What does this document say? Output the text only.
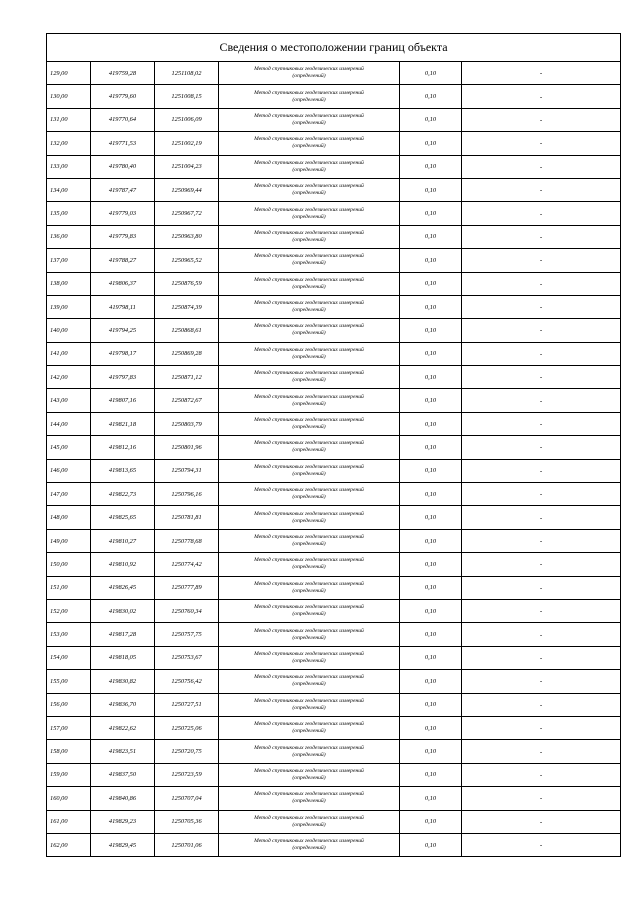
Сведения о местоположении границ объекта					
129,00	419759,28	1251108,02	Метод спутниковых геодезических измерений
(определений)	0,10	-
130,00	419779,60	1251008,15	Метод спутниковых геодезических измерений
(определений)	0,10	-
131,00	419770,64	1251006,09	Метод спутниковых геодезических измерений
(определений)	0,10	-
132,00	419771,53	1251002,19	Метод спутниковых геодезических измерений
(определений)	0,10	-
133,00	419780,40	1251004,23	Метод спутниковых геодезических измерений
(определений)	0,10	-
134,00	419787,47	1250969,44	Метод спутниковых геодезических измерений
(определений)	0,10	-
135,00	419779,03	1250967,72	Метод спутниковых геодезических измерений
(определений)	0,10	-
136,00	419779,83	1250963,80	Метод спутниковых геодезических измерений
(определений)	0,10	-
137,00	419788,27	1250965,52	Метод спутниковых геодезических измерений
(определений)	0,10	-
138,00	419806,37	1250876,59	Метод спутниковых геодезических измерений
(определений)	0,10	-
139,00	419798,11	1250874,39	Метод спутниковых геодезических измерений
(определений)	0,10	-
140,00	419794,25	1250868,61	Метод спутниковых геодезических измерений
(определений)	0,10	-
141,00	419798,17	1250869,28	Метод спутниковых геодезических измерений
(определений)	0,10	-
142,00	419797,83	1250871,12	Метод спутниковых геодезических измерений
(определений)	0,10	-
143,00	419807,16	1250872,67	Метод спутниковых геодезических измерений
(определений)	0,10	-
144,00	419821,18	1250803,79	Метод спутниковых геодезических измерений
(определений)	0,10	-
145,00	419812,16	1250801,96	Метод спутниковых геодезических измерений
(определений)	0,10	-
146,00	419813,65	1250794,31	Метод спутниковых геодезических измерений
(определений)	0,10	-
147,00	419822,73	1250796,16	Метод спутниковых геодезических измерений
(определений)	0,10	-
148,00	419825,65	1250781,81	Метод спутниковых геодезических измерений
(определений)	0,10	-
149,00	419810,27	1250778,68	Метод спутниковых геодезических измерений
(определений)	0,10	-
150,00	419810,92	1250774,42	Метод спутниковых геодезических измерений
(определений)	0,10	-
151,00	419826,45	1250777,89	Метод спутниковых геодезических измерений
(определений)	0,10	-
152,00	419830,02	1250760,34	Метод спутниковых геодезических измерений
(определений)	0,10	-
153,00	419817,28	1250757,75	Метод спутниковых геодезических измерений
(определений)	0,10	-
154,00	419818,05	1250753,67	Метод спутниковых геодезических измерений
(определений)	0,10	-
155,00	419830,82	1250756,42	Метод спутниковых геодезических измерений
(определений)	0,10	-
156,00	419836,70	1250727,51	Метод спутниковых геодезических измерений
(определений)	0,10	-
157,00	419822,62	1250725,06	Метод спутниковых геодезических измерений
(определений)	0,10	-
158,00	419823,51	1250720,75	Метод спутниковых геодезических измерений
(определений)	0,10	-
159,00	419837,50	1250723,59	Метод спутниковых геодезических измерений
(определений)	0,10	-
160,00	419840,86	1250707,04	Метод спутниковых геодезических измерений
(определений)	0,10	-
161,00	419829,23	1250705,36	Метод спутниковых геодезических измерений
(определений)	0,10	-
162,00	419829,45	1250701,06	Метод спутниковых геодезических измерений
(определений)	0,10	-
